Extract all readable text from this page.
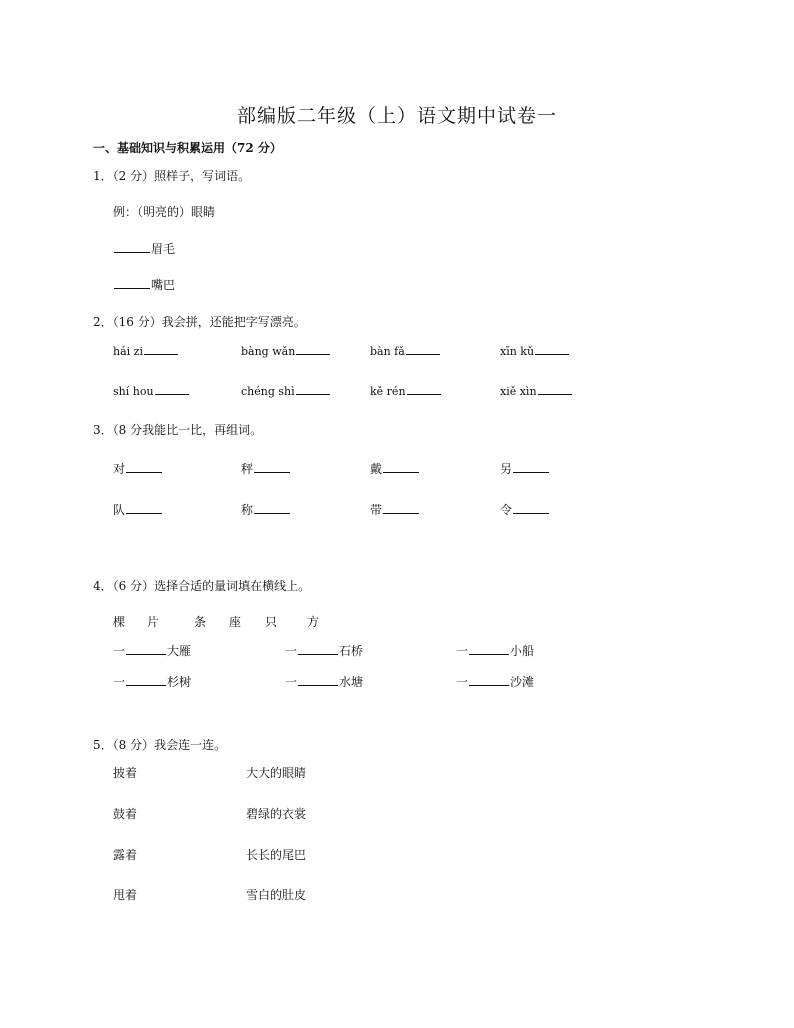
部编版二年级（上）语文期中试卷一
一、基础知识与积累运用（72 分）
1．（2 分）照样子，写词语。
例：（明亮的）眼睛
眉毛
嘴巴
2．（16 分）我会拼，还能把字写漂亮。
hái zi	bàng wǎn	bàn fǎ	xīn kǔ
shí hou	chéng shì	kě rén	xiě xìn
3．（8 分我能比一比，再组词。
对	秤	戴	另
队	称	带	令
4．（6 分）选择合适的量词填在横线上。
棵 片	条 座 只 方
一	大雁	一	石桥	一	小船
一	杉树	一	水塘	一	沙滩
5．（8 分）我会连一连。
披着	大大的眼睛
鼓着	碧绿的衣裳
露着	长长的尾巴
甩着	雪白的肚皮
